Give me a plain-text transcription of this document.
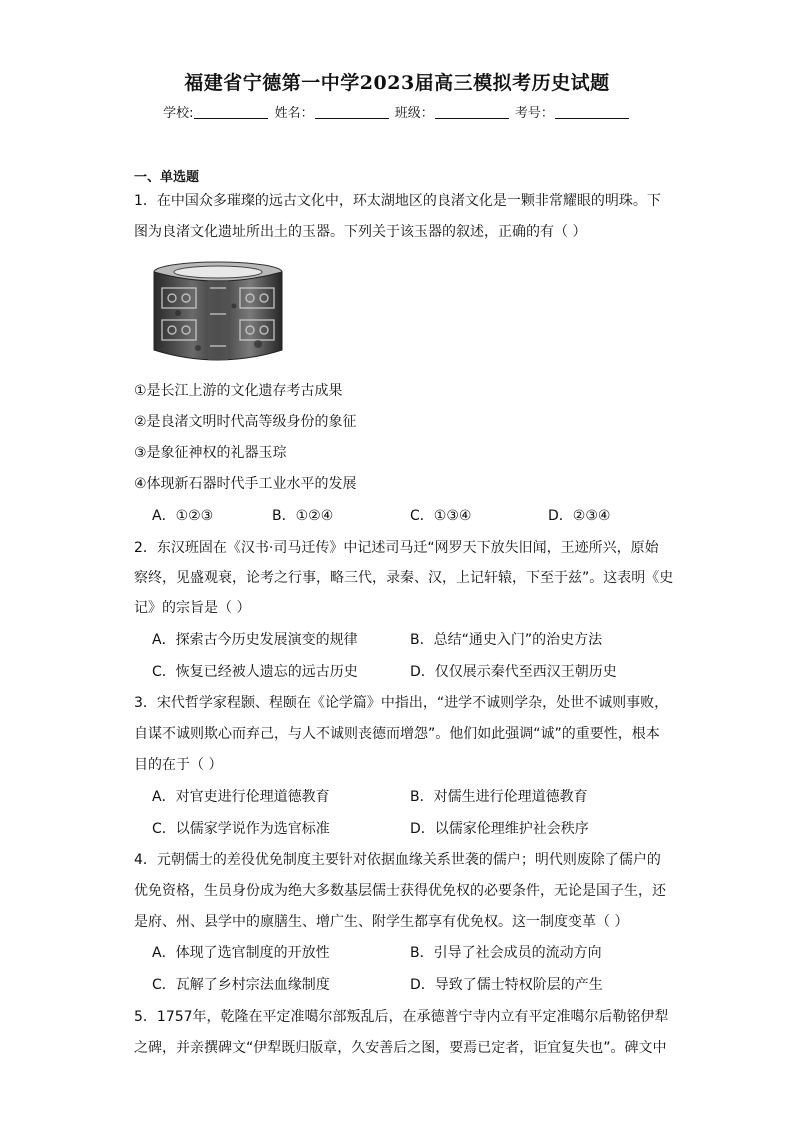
福建省宁德第一中学2023届高三模拟考历史试题
学校:	姓名：	班级：	考号：
一、单选题
1．在中国众多璀璨的远古文化中，环太湖地区的良渚文化是一颗非常耀眼的明珠。下
图为良渚文化遗址所出土的玉器。下列关于该玉器的叙述，正确的有（ ）
①是长江上游的文化遗存考古成果
②是良渚文明时代高等级身份的象征
③是象征神权的礼器玉琮
④体现新石器时代手工业水平的发展
A．①②③	B．①②④	C．①③④	D．②③④
2．东汉班固在《汉书·司马迁传》中记述司马迁“网罗天下放失旧闻，王迹所兴，原始
察终，见盛观衰，论考之行事，略三代，录秦、汉，上记轩辕，下至于兹”。这表明《史
记》的宗旨是（ ）
A．探索古今历史发展演变的规律	B．总结“通史入门”的治史方法
C．恢复已经被人遗忘的远古历史	D．仅仅展示秦代至西汉王朝历史
3．宋代哲学家程颢、程颐在《论学篇》中指出，“进学不诚则学杂，处世不诚则事败，
自谋不诚则欺心而弃己，与人不诚则丧德而增怨”。他们如此强调“诚”的重要性，根本
目的在于（ ）
A．对官吏进行伦理道德教育	B．对儒生进行伦理道德教育
C．以儒家学说作为选官标准	D．以儒家伦理维护社会秩序
4．元朝儒士的差役优免制度主要针对依据血缘关系世袭的儒户；明代则废除了儒户的
优免资格，生员身份成为绝大多数基层儒士获得优免权的必要条件，无论是国子生，还
是府、州、县学中的廪膳生、增广生、附学生都享有优免权。这一制度变革（ ）
A．体现了选官制度的开放性	B．引导了社会成员的流动方向
C．瓦解了乡村宗法血缘制度	D．导致了儒士特权阶层的产生
5．1757年，乾隆在平定准噶尔部叛乱后，在承德普宁寺内立有平定准噶尔后勒铭伊犁
之碑，并亲撰碑文“伊犁既归版章，久安善后之图，要焉已定者，讵宜复失也”。碑文中
